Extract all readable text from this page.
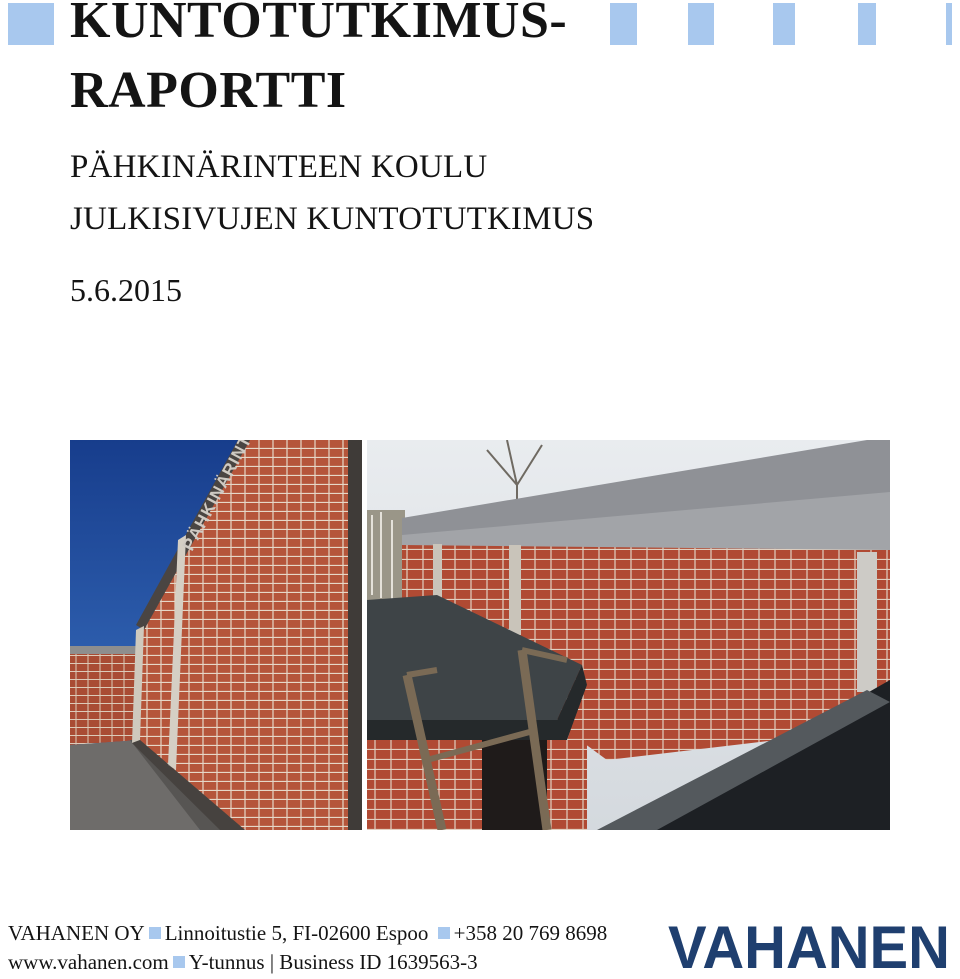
KUNTOTUTKIMUS-
RAPORTTI
PÄHKINÄRINTEEN KOULU
JULKISIVUJEN KUNTOTUTKIMUS

5.6.2015

VAHANEN OY Linnoitustie 5, FI-02600 Espoo +358 20 769 8698
www.vahanen.com Y-tunnus | Business ID 1639563-3	VAHANEN
